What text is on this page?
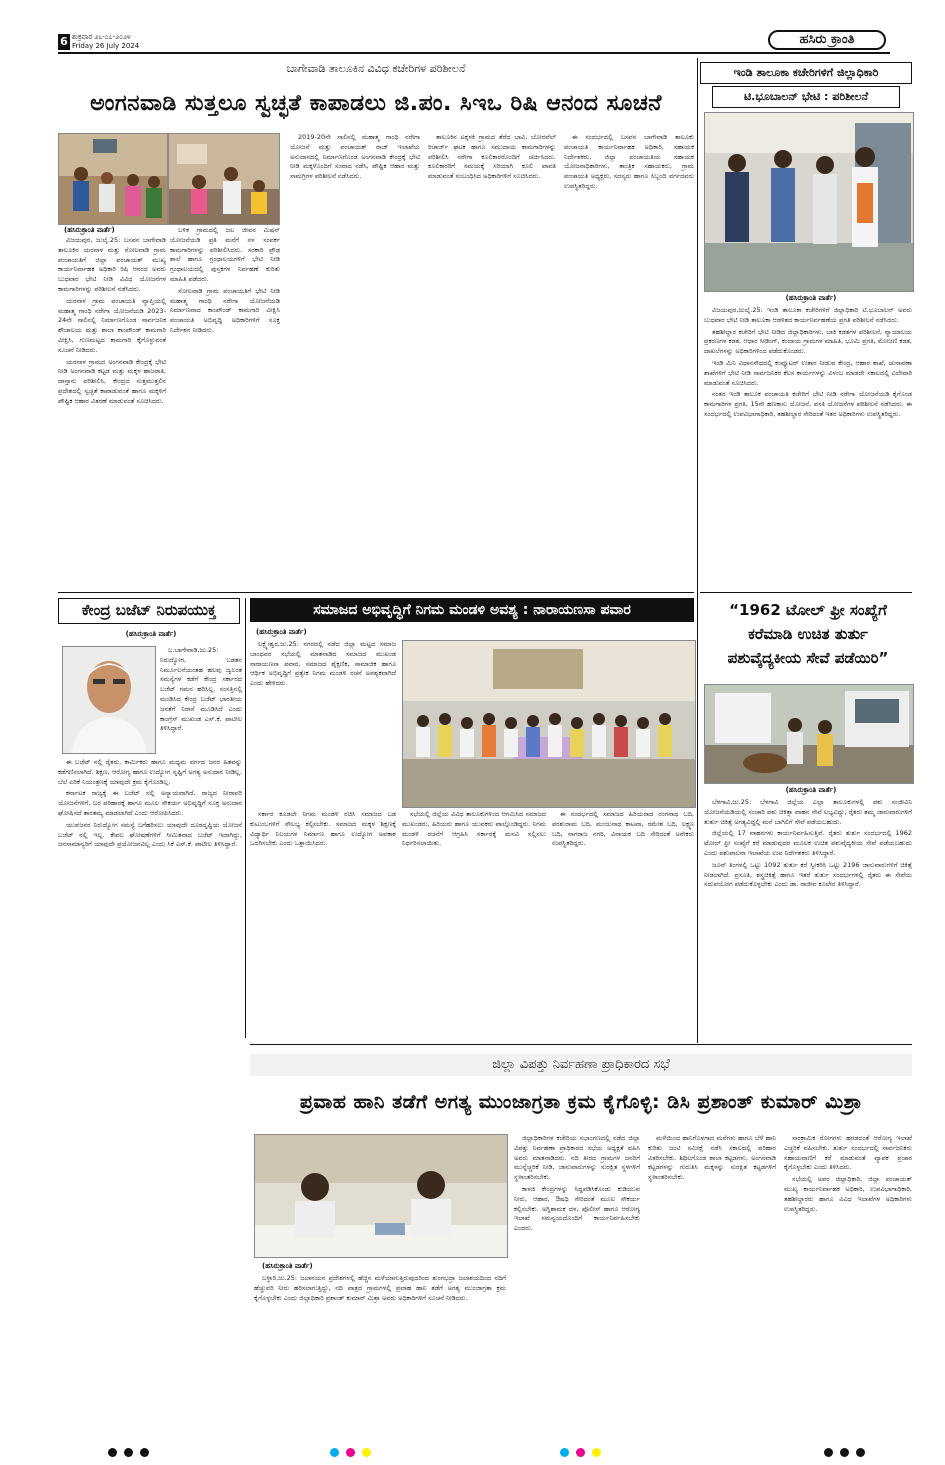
6 ಶುಕ್ರವಾರ ೨೬-೦೭-೨೦೨೪
Friday 26 July 2024	ಹಸಿರು ಕ್ರಾಂತಿ
ಬಾಗೇವಾಡಿ ತಾಲೂಕಿನ ವಿವಿಧ ಕಚೇರಿಗಳ ಪರಿಶೀಲನೆ
ಅಂಗನವಾಡಿ ಸುತ್ತಲೂ ಸ್ವಚ್ಛತೆ ಕಾಪಾಡಲು ಜಿ.ಪಂ. ಸಿಇಒ ರಿಷಿ ಆನಂದ ಸೂಚನೆ
(ಹಸಿರುಕ್ರಾಂತಿ ವಾರ್ತೆ)

ವಿಜಯಪುರ, ಜುಲೈ.25: ಬಸವನ ಬಾಗೇವಾಡಿ ತಾಲೂಕಿನ ಯರನಾಳ ಮತ್ತು ಸೋಲವಾಡಿ ಗ್ರಾಮ ಪಂಚಾಯತಿಗೆ ಜಿಲ್ಲಾ ಪಂಚಾಯತ್ ಮುಖ್ಯ ಕಾರ್ಯನಿರ್ವಾಹಕ ಅಧಿಕಾರಿ ರಿಷಿ ಆನಂದ ಅವರು ಬುಧವಾರ ಭೇಟಿ ನೀಡಿ ವಿವಿಧ ಯೋಜನೆಗಳ ಕಾಮಗಾರಿಗಳನ್ನು ಪರಿಶೀಲನೆ ನಡೆಸಿದರು.

ಯರನಾಳ ಗ್ರಾಮ ಪಂಚಾಯತಿ ವ್ಯಾಪ್ತಿಯಲ್ಲಿ ಮಹಾತ್ಮ ಗಾಂಧಿ ನರೇಗಾ ಯೋಜನೆಯಡಿ 2023-24ನೇ ಸಾಲಿನಲ್ಲಿ ನಿರ್ಮಾಣಗೊಂಡ ಸಾರ್ವಜನಿಕ ಶೌಚಾಲಯ ಮತ್ತು ಶಾಲಾ ಕಾಂಪೌಂಡ್ ಕಾಮಗಾರಿ ವೀಕ್ಷಿಸಿ, ಗುಣಮಟ್ಟದ ಕಾಮಗಾರಿ ಕೈಗೊಳ್ಳುವಂತೆ ಸೂಚನೆ ನೀಡಿದರು.

ಯರನಾಳ ಗ್ರಾಮದ ಅಂಗನವಾಡಿ ಕೇಂದ್ರಕ್ಕೆ ಭೇಟಿ ನೀಡಿ ಅಂಗನವಾಡಿ ಕಟ್ಟಡ ಮತ್ತು ಮಕ್ಕಳ ಹಾಜರಾತಿ, ದಾಸ್ತಾನು ಪರಿಶೀಲಿಸಿ, ಕೇಂದ್ರದ ಸುತ್ತಮುತ್ತಲಿನ ಪ್ರದೇಶದಲ್ಲಿ ಸ್ವಚ್ಛತೆ ಕಾಪಾಡುವಂತೆ ಹಾಗೂ ಮಕ್ಕಳಿಗೆ ಪೌಷ್ಟಿಕ ಆಹಾರ ವಿತರಣೆ ಮಾಡುವಂತೆ ಸೂಚಿಸಿದರು.

ಬಳಿಕ ಗ್ರಾಮದಲ್ಲಿ ಜಲ ಜೀವನ ಮಿಷನ್ ಯೋಜನೆಯಡಿ ಪ್ರತಿ ಮನೆಗೆ ನಳ ಸಂಪರ್ಕ ಕಾಮಗಾರಿಗಳನ್ನು ಪರಿಶೀಲಿಸಿದರು. ಸರಕಾರಿ ಪ್ರೌಢ ಶಾಲೆ ಹಾಗೂ ಗ್ರಂಥಾಲಯಗಳಿಗೆ ಭೇಟಿ ನೀಡಿ ಗ್ರಂಥಾಲಯದಲ್ಲಿ ಪುಸ್ತಕಗಳ ನಿರ್ವಹಣೆ ಕುರಿತು ಮಾಹಿತಿ ಪಡೆದರು.

ಸೋಲವಾಡಿ ಗ್ರಾಮ ಪಂಚಾಯತಿಗೆ ಭೇಟಿ ನೀಡಿ ಮಹಾತ್ಮ ಗಾಂಧಿ ನರೇಗಾ ಯೋಜನೆಯಡಿ ನಿರ್ಮಾಣವಾದ ಕಾಂಪೌಂಡ್ ಕಾಮಗಾರಿ ವೀಕ್ಷಿಸಿ ಪಂಚಾಯತಿ ಅಭಿವೃದ್ಧಿ ಅಧಿಕಾರಿಗಳಿಗೆ ಸೂಕ್ತ ನಿರ್ದೇಶನ ನೀಡಿದರು.

2019-20ನೇ ಸಾಲಿನಲ್ಲಿ ಮಹಾತ್ಮ ಗಾಂಧಿ ನರೇಗಾ ಯೋಜನೆ ಮತ್ತು ಪಂಚಾಯತ್ ರಾಜ್ ಇಲಾಖೆಯ ಅನುದಾನದಲ್ಲಿ ನಿರ್ಮಾಣಗೊಂಡ ಅಂಗನವಾಡಿ ಕೇಂದ್ರಕ್ಕೆ ಭೇಟಿ ನೀಡಿ ಮಕ್ಕಳೊಂದಿಗೆ ಸಂವಾದ ನಡೆಸಿ, ಪೌಷ್ಟಿಕ ಆಹಾರ ಮತ್ತು ಸಾಮಗ್ರಿಗಳ ಪರಿಶೀಲನೆ ನಡೆಸಿದರು.

ತಾಲೂಕಿನ ಟಕ್ಕಳಕಿ ಗ್ರಾಮದ ತೆರೆದ ಬಾವಿ, ಬೋರವೆಲ್ ರಿಚಾರ್ಜ್ ಘಟಕ ಹಾಗೂ ಸಮುದಾಯ ಕಾಮಗಾರಿಗಳನ್ನು ಪರಿಶೀಲಿಸಿ ನರೇಗಾ ಕೂಲಿಕಾರರೊಂದಿಗೆ ಚರ್ಚಿಸಿದರು. ಕೂಲಿಕಾರರಿಗೆ ಸಮಯಕ್ಕೆ ಸರಿಯಾಗಿ ಕೂಲಿ ಪಾವತಿ ಮಾಡುವಂತೆ ಸಂಬಂಧಿಸಿದ ಅಧಿಕಾರಿಗಳಿಗೆ ಸೂಚಿಸಿದರು.

ಈ ಸಂದರ್ಭದಲ್ಲಿ ಬಸವನ ಬಾಗೇವಾಡಿ ತಾಲೂಕು ಪಂಚಾಯತಿ ಕಾರ್ಯನಿರ್ವಾಹಕ ಅಧಿಕಾರಿ, ಸಹಾಯಕ ನಿರ್ದೇಶಕರು, ಜಿಲ್ಲಾ ಪಂಚಾಯತಿಯ ಸಹಾಯಕ ಯೋಜನಾಧಿಕಾರಿಗಳು, ತಾಂತ್ರಿಕ ಸಹಾಯಕರು, ಗ್ರಾಮ ಪಂಚಾಯತಿ ಅಧ್ಯಕ್ಷರು, ಸದಸ್ಯರು ಹಾಗೂ ಸಿಬ್ಬಂದಿ ವರ್ಗದವರು ಉಪಸ್ಥಿತರಿದ್ದರು.

ಇಂಡಿ ತಾಲೂಕಾ ಕಚೇರಿಗಳಿಗೆ ಜಿಲ್ಲಾಧಿಕಾರಿ
ಟಿ.ಭೂಬಾಲನ್ ಭೇಟಿ : ಪರಿಶೀಲನೆ
(ಹಸಿರುಕ್ರಾಂತಿ ವಾರ್ತೆ)

ವಿಜಯಪುರ,ಜುಲೈ.25: ಇಂಡಿ ತಾಲೂಕಾ ಕಚೇರಿಗಳಿಗೆ ಜಿಲ್ಲಾಧಿಕಾರಿ ಟಿ.ಭೂಬಾಲನ್ ಅವರು ಬುಧವಾರ ಭೇಟಿ ನೀಡಿ ತಾಲೂಕಾ ಆಡಳಿತದ ಕಾರ್ಯನಿರ್ವಹಣೆಯ ಪ್ರಗತಿ ಪರಿಶೀಲನೆ ನಡೆಸಿದರು.

ತಹಶೀಲ್ದಾರ ಕಚೇರಿಗೆ ಭೇಟಿ ನೀಡಿದ ಜಿಲ್ಲಾಧಿಕಾರಿಗಳು, ಬಾಕಿ ಕಡತಗಳ ಪರಿಶೀಲನೆ, ನ್ಯಾಯಾಲಯ ಪ್ರಕರಣಗಳ ಕಡತ, ಆಧಾರ ಸೀಡಿಂಗ್, ಕಂದಾಯ ಗ್ರಾಮಗಳ ಮಾಹಿತಿ, ಭೂಮಿ ಪ್ರಗತಿ, ಮೋಜಣಿ ಕಡತ, ದಾಖಲೆಗಳನ್ನು ಅಧಿಕಾರಿಗಳಿಂದ ಪಡೆದುಕೊಂಡರು.

ಇಂಡಿ ಮಿನಿ ವಿಧಾನಸೌಧದಲ್ಲಿ ಕಂಪ್ಯೂಟರ್ ಉತಾರ ನೀಡುವ ಕೇಂದ್ರ, ಆಹಾರ ಶಾಖೆ, ಚುನಾವಣಾ ಶಾಖೆಗಳಿಗೆ ಭೇಟಿ ನೀಡಿ ಸಾರ್ವಜನಿಕರ ಕೆಲಸ ಕಾರ್ಯಗಳನ್ನು ವಿಳಂಬ ಮಾಡದೇ ಸಕಾಲದಲ್ಲಿ ವಿಲೇವಾರಿ ಮಾಡುವಂತೆ ಸೂಚಿಸಿದರು.

ನಂತರ ಇಂಡಿ ತಾಲೂಕ ಪಂಚಾಯತಿ ಕಚೇರಿಗೆ ಭೇಟಿ ನೀಡಿ ನರೇಗಾ ಯೋಜನೆಯಡಿ ಕೈಗೊಂಡ ಕಾಮಗಾರಿಗಳ ಪ್ರಗತಿ, 15ನೇ ಹಣಕಾಸು ಯೋಜನೆ, ವಸತಿ ಯೋಜನೆಗಳ ಪರಿಶೀಲನೆ ನಡೆಸಿದರು. ಈ ಸಂದರ್ಭದಲ್ಲಿ ಉಪವಿಭಾಗಾಧಿಕಾರಿ, ತಹಶೀಲ್ದಾರ ಸೇರಿದಂತೆ ಇತರ ಅಧಿಕಾರಿಗಳು ಉಪಸ್ಥಿತರಿದ್ದರು.

“1962 ಟೋಲ್ ಫ್ರೀ ಸಂಖ್ಯೆಗೆ
ಕರೆಮಾಡಿ ಉಚಿತ ತುರ್ತು
ಪಶುವೈದ್ಯಕೀಯ ಸೇವೆ ಪಡೆಯಿರಿ”
(ಹಸಿರುಕ್ರಾಂತಿ ವಾರ್ತೆ)

ಬೆಳಗಾವಿ,ಜು.25: ಬೆಳಗಾವಿ ಜಿಲ್ಲೆಯ ಎಲ್ಲಾ ತಾಲೂಕುಗಳಲ್ಲಿ ಪಶು ಸಂಜೀವಿನಿ ಯೋಜನೆಯಡಿಯಲ್ಲಿ ಸಂಚಾರಿ ಪಶು ಚಿಕಿತ್ಸಾ ವಾಹನ ಸೇವೆ ಲಭ್ಯವಿದ್ದು, ರೈತರು ತಮ್ಮ ಜಾನುವಾರುಗಳಿಗೆ ತುರ್ತು ಚಿಕಿತ್ಸೆ ಅಗತ್ಯವಿದ್ದಲ್ಲಿ ಮನೆ ಬಾಗಿಲಿಗೆ ಸೇವೆ ಪಡೆಯಬಹುದು.

ಜಿಲ್ಲೆಯಲ್ಲಿ 17 ವಾಹನಗಳು ಕಾರ್ಯನಿರ್ವಹಿಸುತ್ತಿವೆ. ರೈತರು ತುರ್ತು ಸಂದರ್ಭದಲ್ಲಿ 1962 ಟೋಲ್ ಫ್ರೀ ಸಂಖ್ಯೆಗೆ ಕರೆ ಮಾಡುವುದರ ಮೂಲಕ ಉಚಿತ ಪಶುವೈದ್ಯಕೀಯ ಸೇವೆ ಪಡೆಯಬಹುದು ಎಂದು ಪಶುಪಾಲನಾ ಇಲಾಖೆಯ ಉಪ ನಿರ್ದೇಶಕರು ತಿಳಿಸಿದ್ದಾರೆ.

ಜೂನ್ ತಿಂಗಳಲ್ಲಿ ಒಟ್ಟು 1092 ತುರ್ತು ಕರೆ ಸ್ವೀಕರಿಸಿ ಒಟ್ಟು 2196 ಜಾನುವಾರುಗಳಿಗೆ ಚಿಕಿತ್ಸೆ ನೀಡಲಾಗಿದೆ. ಪ್ರಸೂತಿ, ಶಸ್ತ್ರಚಿಕಿತ್ಸೆ ಹಾಗೂ ಇತರೆ ತುರ್ತು ಸಂದರ್ಭಗಳಲ್ಲಿ ರೈತರು ಈ ಸೇವೆಯ ಸದುಪಯೋಗ ಪಡೆದುಕೊಳ್ಳಬೇಕು ಎಂದು ಡಾ. ರಾಜೀವ ಕೂಲೇರ ತಿಳಿಸಿದ್ದಾರೆ.

ಕೇಂದ್ರ ಬಜೆಟ್ ನಿರುಪಯುಕ್ತ
(ಹಸಿರುಕ್ರಾಂತಿ ವಾರ್ತೆ)

ಬ.ಬಾಗೇವಾಡಿ,ಜು.25: ನಿರುದ್ಯೋಗ, ಬಡತನ ನಿರ್ಮೂಲನೆಯಂತಹ ಹಲವು ಜ್ವಲಂತ ಸಮಸ್ಯೆಗಳ ಕಡೆಗೆ ಕೇಂದ್ರ ಸರ್ಕಾರದ ಬಜೆಟ್ ಗಮನ ಹರಿಸಿಲ್ಲ. ಸಂಸತ್ತಿನಲ್ಲಿ ಮಂಡಿಸಿದ ಕೇಂದ್ರ ಬಜೆಟ್ ಭಾರತೀಯ ಜನತೆಗೆ ನಿರಾಸೆ ಮೂಡಿಸಿದೆ ಎಂದು ಕಾಂಗ್ರೆಸ್ ಮುಖಂಡ ಎಸ್.ಕೆ. ಪಾಟೀಲ ತಿಳಿಸಿದ್ದಾರೆ.

ಈ ಬಜೆಟ್ ನಲ್ಲಿ ರೈತರು, ಕಾರ್ಮಿಕರು ಹಾಗೂ ಮಧ್ಯಮ ವರ್ಗದ ಜನರ ಹಿತವನ್ನು ಕಡೆಗಣಿಸಲಾಗಿದೆ. ಶಿಕ್ಷಣ, ಆರೋಗ್ಯ ಹಾಗೂ ಉದ್ಯೋಗ ಸೃಷ್ಟಿಗೆ ಅಗತ್ಯ ಅನುದಾನ ನೀಡಿಲ್ಲ. ಬೆಲೆ ಏರಿಕೆ ನಿಯಂತ್ರಣಕ್ಕೆ ಯಾವುದೇ ಕ್ರಮ ಕೈಗೊಂಡಿಲ್ಲ.

ಕರ್ನಾಟಕ ರಾಜ್ಯಕ್ಕೆ ಈ ಬಜೆಟ್ ನಲ್ಲಿ ಅನ್ಯಾಯವಾಗಿದೆ. ರಾಜ್ಯದ ನೀರಾವರಿ ಯೋಜನೆಗಳಿಗೆ, ಬರ ಪರಿಹಾರಕ್ಕೆ ಹಾಗೂ ಮೂಲ ಸೌಕರ್ಯ ಅಭಿವೃದ್ಧಿಗೆ ಸೂಕ್ತ ಅನುದಾನ ಘೋಷಿಸದೆ ತಾರತಮ್ಯ ಮಾಡಲಾಗಿದೆ ಎಂದು ಆರೋಪಿಸಿದರು.

ಯುವಜನರ ನಿರುದ್ಯೋಗ ಸಮಸ್ಯೆ ಬಗೆಹರಿಸಲು ಯಾವುದೇ ದೂರದೃಷ್ಟಿಯ ಯೋಜನೆ ಬಜೆಟ್ ನಲ್ಲಿ ಇಲ್ಲ. ಕೇವಲ ಘೋಷಣೆಗಳಿಗೆ ಸೀಮಿತವಾದ ಬಜೆಟ್ ಇದಾಗಿದ್ದು, ಜನಸಾಮಾನ್ಯರಿಗೆ ಯಾವುದೇ ಪ್ರಯೋಜನವಿಲ್ಲ ಎಂದು ಸಿಕೆ ಎಸ್.ಕೆ. ಪಾಟೀಲ ತಿಳಿಸಿದ್ದಾರೆ.

ಸಮಾಜದ ಅಭಿವೃದ್ಧಿಗೆ ನಿಗಮ ಮಂಡಳಿ ಅವಶ್ಯ : ನಾರಾಯಣಸಾ ಪವಾರ
(ಹಸಿರುಕ್ರಾಂತಿ ವಾರ್ತೆ)

ಲಕ್ಷ್ಮೇಶ್ವರ,ಜು.25: ನಗರದಲ್ಲಿ ನಡೆದ ಜಿಲ್ಲಾ ಮಟ್ಟದ ಸಮಾಜ ಬಾಂಧವರ ಸಭೆಯಲ್ಲಿ ಮಾತನಾಡಿದ ಸಮಾಜದ ಮುಖಂಡ ನಾರಾಯಣಸಾ ಪವಾರ, ಸಮಾಜದ ಶೈಕ್ಷಣಿಕ, ಸಾಮಾಜಿಕ ಹಾಗೂ ಆರ್ಥಿಕ ಅಭಿವೃದ್ಧಿಗೆ ಪ್ರತ್ಯೇಕ ನಿಗಮ ಮಂಡಳಿ ರಚನೆ ಅವಶ್ಯಕವಾಗಿದೆ ಎಂದು ಹೇಳಿದರು.

ಸರ್ಕಾರ ಕೂಡಲೇ ನಿಗಮ ಮಂಡಳಿ ರಚಿಸಿ ಸಮಾಜದ ಬಡ ಕುಟುಂಬಗಳಿಗೆ ಸೌಲಭ್ಯ ಕಲ್ಪಿಸಬೇಕು. ಸಮಾಜದ ಮಕ್ಕಳ ಶಿಕ್ಷಣಕ್ಕೆ ವಿದ್ಯಾರ್ಥಿ ನಿಲಯಗಳ ನಿರ್ಮಾಣ ಹಾಗೂ ಉದ್ಯೋಗ ಅವಕಾಶ ಒದಗಿಸಬೇಕು ಎಂದು ಒತ್ತಾಯಿಸಿದರು.

ಸಭೆಯಲ್ಲಿ ಜಿಲ್ಲೆಯ ವಿವಿಧ ತಾಲೂಕುಗಳಿಂದ ಆಗಮಿಸಿದ ಸಮಾಜದ ಮುಖಂಡರು, ಹಿರಿಯರು ಹಾಗೂ ಯುವಕರು ಪಾಲ್ಗೊಂಡಿದ್ದರು. ನಿಗಮ ಮಂಡಳಿ ರಚನೆಗೆ ಆಗ್ರಹಿಸಿ ಸರ್ಕಾರಕ್ಕೆ ಮನವಿ ಸಲ್ಲಿಸಲು ನಿರ್ಧರಿಸಲಾಯಿತು.

ಈ ಸಂದರ್ಭದಲ್ಲಿ ಸಮಾಜದ ಹಿರಿಯರಾದ ರಂಗನಾಥ ಬದಿ, ಪರಶುರಾಮ ಬದಿ, ಮಂಜುನಾಥ ಕಾಟವಾ, ರಮೇಶ ಬದಿ, ಲಕ್ಷ್ಮಣ ಬದಿ, ನಾಗರಾಜ ನಗರಿ, ವಿನಾಯಕ ಬದಿ ಸೇರಿದಂತೆ ಅನೇಕರು ಉಪಸ್ಥಿತರಿದ್ದರು.

ಜಿಲ್ಲಾ ವಿಪತ್ತು ನಿರ್ವಹಣಾ ಪ್ರಾಧಿಕಾರದ ಸಭೆ
ಪ್ರವಾಹ ಹಾನಿ ತಡೆಗೆ ಅಗತ್ಯ ಮುಂಜಾಗ್ರತಾ ಕ್ರಮ ಕೈಗೊಳ್ಳಿ: ಡಿಸಿ ಪ್ರಶಾಂತ್ ಕುಮಾರ್ ಮಿಶ್ರಾ
(ಹಸಿರುಕ್ರಾಂತಿ ವಾರ್ತೆ)

ಬಳ್ಳಾರಿ,ಜು.25: ಜಲಾನಯನ ಪ್ರದೇಶಗಳಲ್ಲಿ ಹೆಚ್ಚಿನ ಮಳೆಯಾಗುತ್ತಿರುವುದರಿಂದ ತುಂಗಭದ್ರಾ ಜಲಾಶಯದಿಂದ ನದಿಗೆ ಹೆಚ್ಚುವರಿ ನೀರು ಹರಿಸಲಾಗುತ್ತಿದ್ದು, ನದಿ ಪಾತ್ರದ ಗ್ರಾಮಗಳಲ್ಲಿ ಪ್ರವಾಹ ಹಾನಿ ತಡೆಗೆ ಅಗತ್ಯ ಮುಂಜಾಗ್ರತಾ ಕ್ರಮ ಕೈಗೊಳ್ಳಬೇಕು ಎಂದು ಜಿಲ್ಲಾಧಿಕಾರಿ ಪ್ರಶಾಂತ್ ಕುಮಾರ್ ಮಿಶ್ರಾ ಅವರು ಅಧಿಕಾರಿಗಳಿಗೆ ಸೂಚನೆ ನೀಡಿದರು.

ಜಿಲ್ಲಾಧಿಕಾರಿಗಳ ಕಚೇರಿಯ ಸಭಾಂಗಣದಲ್ಲಿ ನಡೆದ ಜಿಲ್ಲಾ ವಿಪತ್ತು ನಿರ್ವಹಣಾ ಪ್ರಾಧಿಕಾರದ ಸಭೆಯ ಅಧ್ಯಕ್ಷತೆ ವಹಿಸಿ ಅವರು ಮಾತನಾಡಿದರು. ನದಿ ತೀರದ ಗ್ರಾಮಗಳ ಜನರಿಗೆ ಮುನ್ನೆಚ್ಚರಿಕೆ ನೀಡಿ, ಜಾನುವಾರುಗಳನ್ನು ಸುರಕ್ಷಿತ ಸ್ಥಳಗಳಿಗೆ ಸ್ಥಳಾಂತರಿಸಬೇಕು.

ಕಾಳಜಿ ಕೇಂದ್ರಗಳನ್ನು ಸಿದ್ಧಪಡಿಸಿಕೊಂಡು ಕುಡಿಯುವ ನೀರು, ಆಹಾರ, ಔಷಧಿ ಸೇರಿದಂತೆ ಮೂಲ ಸೌಕರ್ಯ ಕಲ್ಪಿಸಬೇಕು. ಅಗ್ನಿಶಾಮಕ ದಳ, ಪೊಲೀಸ್ ಹಾಗೂ ಆರೋಗ್ಯ ಇಲಾಖೆ ಸಮನ್ವಯದೊಂದಿಗೆ ಕಾರ್ಯನಿರ್ವಹಿಸಬೇಕು ಎಂದರು.

ಮಳೆಯಿಂದ ಹಾನಿಗೊಳಗಾದ ಮನೆಗಳು ಹಾಗೂ ಬೆಳೆ ಹಾನಿ ಕುರಿತು ಜಂಟಿ ಸಮೀಕ್ಷೆ ನಡೆಸಿ ಸಕಾಲದಲ್ಲಿ ಪರಿಹಾರ ವಿತರಿಸಬೇಕು. ಶಿಥಿಲಗೊಂಡ ಶಾಲಾ ಕಟ್ಟಡಗಳು, ಅಂಗನವಾಡಿ ಕಟ್ಟಡಗಳನ್ನು ಗುರುತಿಸಿ ಮಕ್ಕಳನ್ನು ಸುರಕ್ಷಿತ ಕಟ್ಟಡಗಳಿಗೆ ಸ್ಥಳಾಂತರಿಸಬೇಕು.

ಸಾಂಕ್ರಾಮಿಕ ರೋಗಗಳು ಹರಡದಂತೆ ಆರೋಗ್ಯ ಇಲಾಖೆ ಎಚ್ಚರಿಕೆ ವಹಿಸಬೇಕು. ತುರ್ತು ಸಂದರ್ಭದಲ್ಲಿ ಸಾರ್ವಜನಿಕರು ಸಹಾಯವಾಣಿಗೆ ಕರೆ ಮಾಡುವಂತೆ ವ್ಯಾಪಕ ಪ್ರಚಾರ ಕೈಗೊಳ್ಳಬೇಕು ಎಂದು ತಿಳಿಸಿದರು.

ಸಭೆಯಲ್ಲಿ ಅಪರ ಜಿಲ್ಲಾಧಿಕಾರಿ, ಜಿಲ್ಲಾ ಪಂಚಾಯತ್ ಮುಖ್ಯ ಕಾರ್ಯನಿರ್ವಾಹಕ ಅಧಿಕಾರಿ, ಉಪವಿಭಾಗಾಧಿಕಾರಿ, ತಹಶೀಲ್ದಾರರು ಹಾಗೂ ವಿವಿಧ ಇಲಾಖೆಗಳ ಅಧಿಕಾರಿಗಳು ಉಪಸ್ಥಿತರಿದ್ದರು.
